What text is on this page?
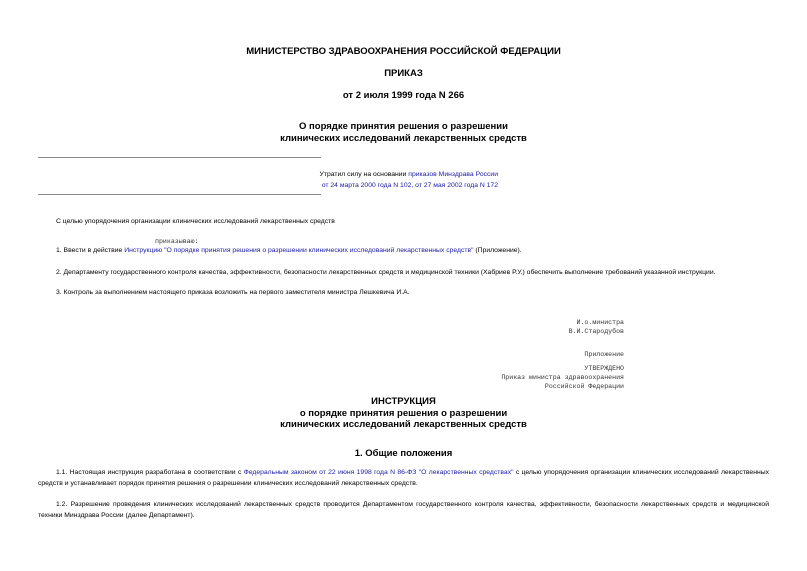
МИНИСТЕРСТВО ЗДРАВООХРАНЕНИЯ РОССИЙСКОЙ ФЕДЕРАЦИИ
ПРИКАЗ
от 2 июля 1999 года N 266
О порядке принятия решения о разрешении
клинических исследований лекарственных средств
Утратил силу на основании приказов Минздрава России
от 24 марта 2000 года N 102, от 27 мая 2002 года N 172
С целью упорядочения организации клинических исследований лекарственных средств
приказываю:
1. Ввести в действие Инструкцию "О порядке принятия решения о разрешении клинических исследований лекарственных средств" (Приложение).
2. Департаменту государственного контроля качества, эффективности, безопасности лекарственных средств и медицинской техники (Хабриев Р.У.) обеспечить выполнение требований указанной инструкции.
3. Контроль за выполнением настоящего приказа возложить на первого заместителя министра Лешкевича И.А.
И.о.министра
В.И.Стародубов
Приложение
УТВЕРЖДЕНО
Приказ министра здравоохранения
Российской Федерации
ИНСТРУКЦИЯ
о порядке принятия решения о разрешении
клинических исследований лекарственных средств
1. Общие положения
1.1. Настоящая инструкция разработана в соответствии с Федеральным законом от 22 июня 1998 года N 86-ФЗ "О лекарственных средствах" с целью упорядочения организации клинических исследований лекарственных средств и устанавливает порядок принятия решения о разрешении клинических исследований лекарственных средств.
1.2. Разрешение проведения клинических исследований лекарственных средств проводится Департаментом государственного контроля качества, эффективности, безопасности лекарственных средств и медицинской техники Минздрава России (далее Департамент).
